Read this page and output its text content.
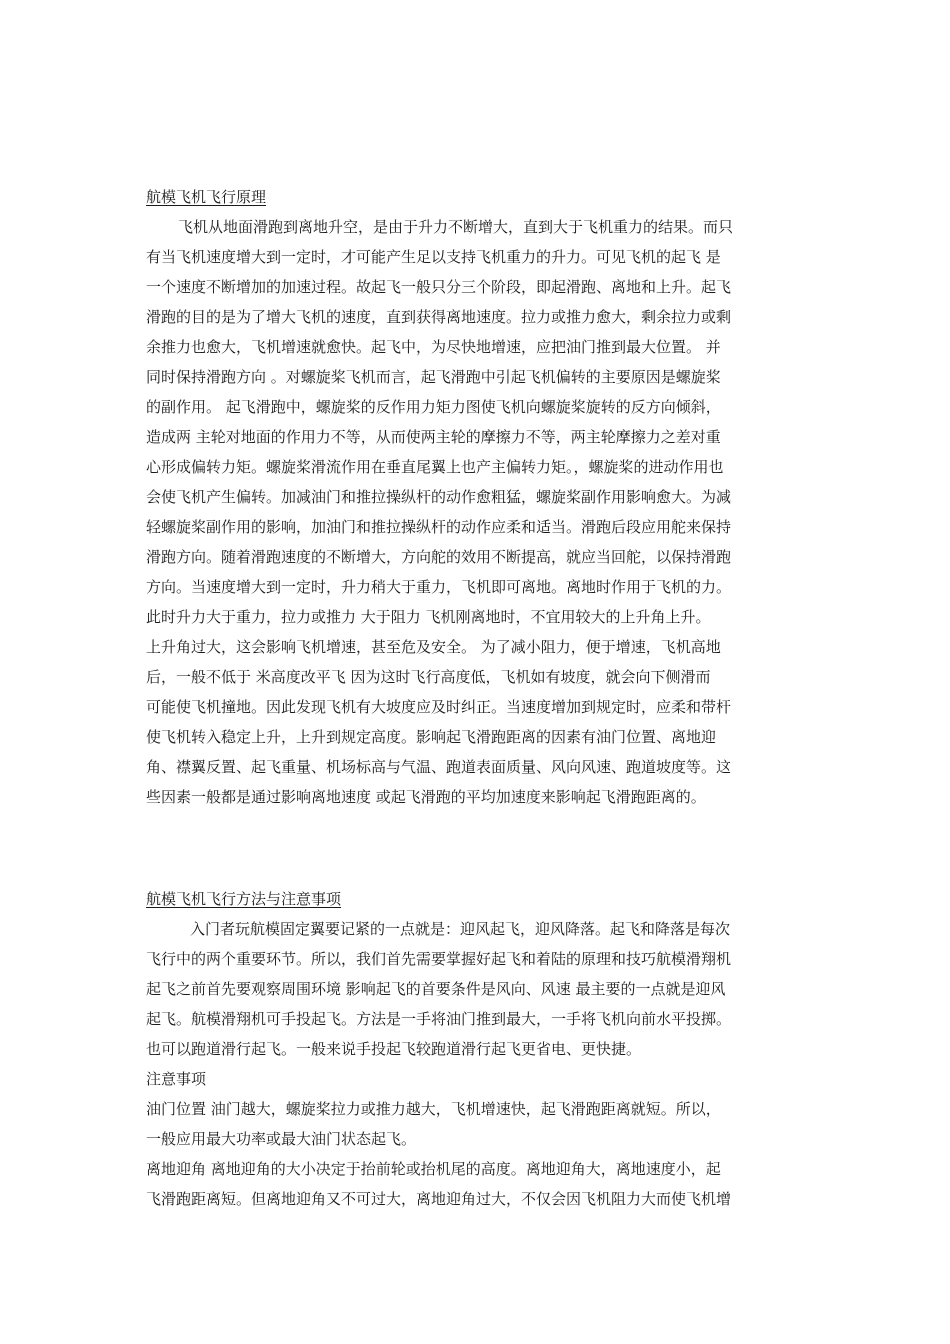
航模飞机飞行原理
飞机从地面滑跑到离地升空，是由于升力不断增大，直到大于飞机重力的结果。而只
有当飞机速度增大到一定时，才可能产生足以支持飞机重力的升力。可见飞机的起飞 是
一个速度不断增加的加速过程。故起飞一般只分三个阶段，即起滑跑、离地和上升。起飞
滑跑的目的是为了增大飞机的速度，直到获得离地速度。拉力或推力愈大，剩余拉力或剩
余推力也愈大，飞机增速就愈快。起飞中，为尽快地增速，应把油门推到最大位置。 并
同时保持滑跑方向 。对螺旋桨飞机而言，起飞滑跑中引起飞机偏转的主要原因是螺旋桨
的副作用。 起飞滑跑中，螺旋桨的反作用力矩力图使飞机向螺旋桨旋转的反方向倾斜，
造成两 主轮对地面的作用力不等，从而使两主轮的摩擦力不等，两主轮摩擦力之差对重
心形成偏转力矩。螺旋桨滑流作用在垂直尾翼上也产主偏转力矩。，螺旋桨的进动作用也
会使飞机产生偏转。加减油门和推拉操纵杆的动作愈粗猛，螺旋桨副作用影响愈大。为减
轻螺旋桨副作用的影响，加油门和推拉操纵杆的动作应柔和适当。滑跑后段应用舵来保持
滑跑方向。随着滑跑速度的不断增大，方向舵的效用不断提高，就应当回舵，以保持滑跑
方向。当速度增大到一定时，升力稍大于重力，飞机即可离地。离地时作用于飞机的力。
此时升力大于重力，拉力或推力 大于阻力 飞机刚离地时，不宜用较大的上升角上升。
上升角过大，这会影响飞机增速，甚至危及安全。 为了减小阻力，便于增速，飞机高地
后，一般不低于 米高度改平飞 因为这时飞行高度低，飞机如有坡度，就会向下侧滑而
可能使飞机撞地。因此发现飞机有大坡度应及时纠正。当速度增加到规定时，应柔和带杆
使飞机转入稳定上升，上升到规定高度。影响起飞滑跑距离的因素有油门位置、离地迎
角、襟翼反置、起飞重量、机场标高与气温、跑道表面质量、风向风速、跑道坡度等。这
些因素一般都是通过影响离地速度 或起飞滑跑的平均加速度来影响起飞滑跑距离的。
航模飞机飞行方法与注意事项
入门者玩航模固定翼要记紧的一点就是：迎风起飞，迎风降落。起飞和降落是每次
飞行中的两个重要环节。所以，我们首先需要掌握好起飞和着陆的原理和技巧航模滑翔机
起飞之前首先要观察周围环境 影响起飞的首要条件是风向、风速 最主要的一点就是迎风
起飞。航模滑翔机可手投起飞。方法是一手将油门推到最大，一手将飞机向前水平投掷。
也可以跑道滑行起飞。一般来说手投起飞较跑道滑行起飞更省电、更快捷。

注意事项

油门位置 油门越大，螺旋桨拉力或推力越大，飞机增速快，起飞滑跑距离就短。所以，
一般应用最大功率或最大油门状态起飞。
离地迎角 离地迎角的大小决定于抬前轮或抬机尾的高度。离地迎角大，离地速度小，起
飞滑跑距离短。但离地迎角又不可过大，离地迎角过大，不仅会因飞机阻力大而使飞机增
